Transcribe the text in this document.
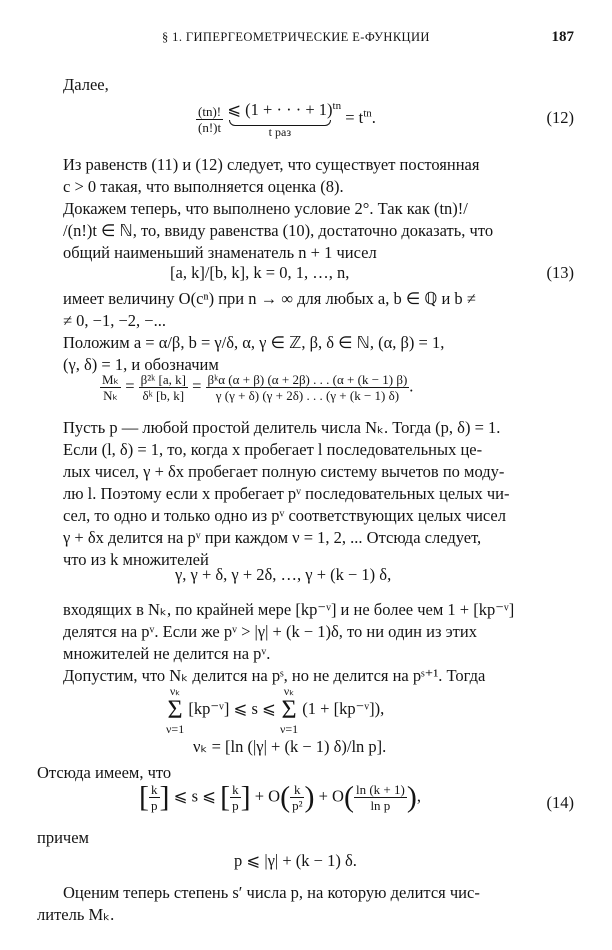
§ 1. ГИПЕРГЕОМЕТРИЧЕСКИЕ E-ФУНКЦИИ	187
Далее,
$\frac{(tn)!}{(n!)t}$ ⩽ (1 + · · · + 1)
t раз
$^{tn} = t^{tn}$.	(12)
Из равенств (11) и (12) следует, что существует постоянная
c > 0 такая, что выполняется оценка (8).
Докажем теперь, что выполнено условие 2°. Так как (tn)!/
/(n!)t ∈ ℕ, то, ввиду равенства (10), достаточно доказать, что
общий наименьший знаменатель n + 1 чисел
[a, k]/[b, k], k = 0, 1, …, n,	(13)
имеет величину O(cⁿ) при n → ∞ для любых a, b ∈ ℚ и b ≠
≠ 0, −1, −2, −...
Положим a = α/β, b = γ/δ, α, γ ∈ ℤ, β, δ ∈ ℕ, (α, β) = 1,
(γ, δ) = 1, и обозначим
$\frac{\text{Mₖ}}{\text{Nₖ}} = \frac{\text{β²ᵏ [a, k]}}{\text{δᵏ [b, k]}} = \frac{\text{βᵏα (α + β) (α + 2β) . . . (α + (k − 1) β)}}{\gamma (\gamma + \delta) (\gamma + 2\delta) . . . (\gamma + (k - 1) \delta)}$ .
Пусть p — любой простой делитель числа Nₖ. Тогда (p, δ) = 1.
Если (l, δ) = 1, то, когда x пробегает l последовательных це-
лых чисел, γ + δx пробегает полную систему вычетов по моду-
лю l. Поэтому если x пробегает pᵛ последовательных целых чи-
сел, то одно и только одно из pᵛ соответствующих целых чисел
γ + δx делится на pᵛ при каждом ν = 1, 2, ... Отсюда следует,
что из k множителей
γ, γ + δ, γ + 2δ, …, γ + (k − 1) δ,
входящих в Nₖ, по крайней мере [kp⁻ᵛ] и не более чем 1 + [kp⁻ᵛ]
делятся на pᵛ. Если же pᵛ > |γ| + (k − 1)δ, то ни один из этих
множителей не делится на pᵛ.
Допустим, что Nₖ делится на pˢ, но не делится на pˢ⁺¹. Тогда
νₖ
Σ
ν=1 [kp⁻ᵛ] ⩽ s ⩽ νₖ
Σ
ν=1 (1 + [kp⁻ᵛ]),
νₖ = [ln (|γ| + (k − 1) δ)/ln p].
Отсюда имеем, что
[ $\frac{k}{p}$ ] ⩽ s ⩽ [ $\frac{k}{p}$ ] + $O( \frac{k}{\text{p²}}$ ) + $O( \frac{\ln (k + 1)}{\text{ln p}}$ ),	(14)
причем
p ⩽ |γ| + (k − 1) δ.
Оценим теперь степень s′ числа p, на которую делится чис-
литель Mₖ.
